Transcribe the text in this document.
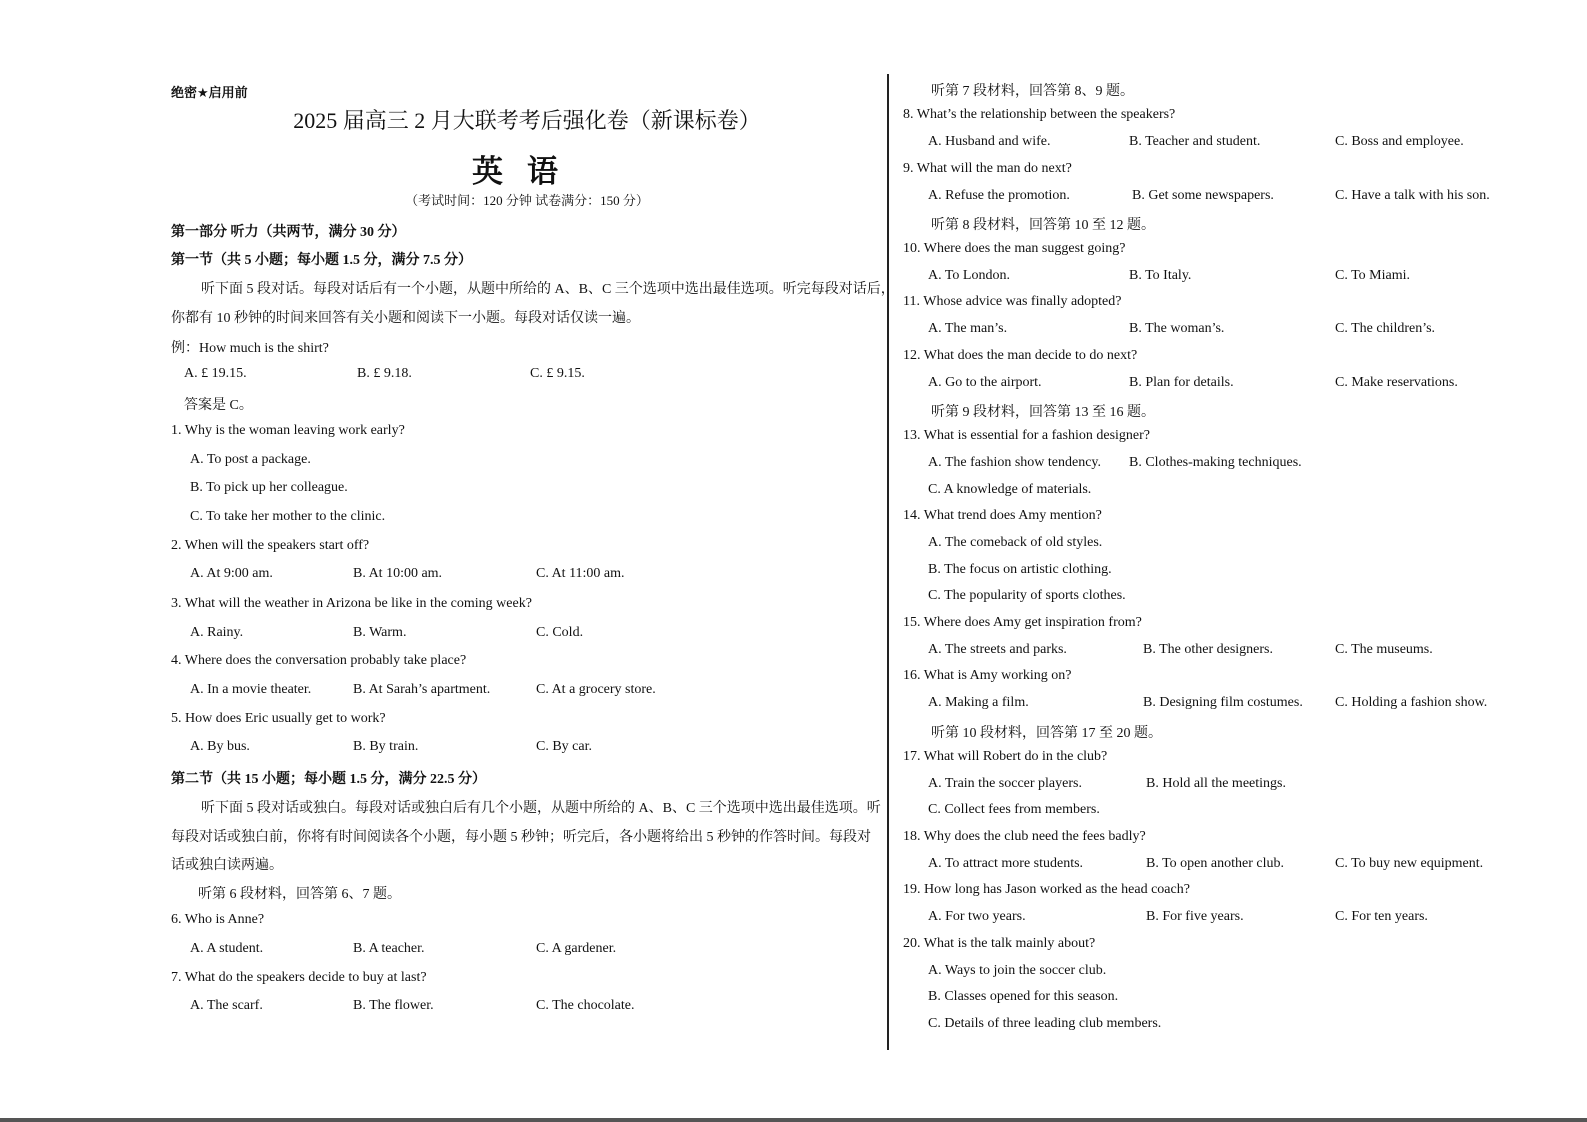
绝密★启用前
2025 届高三 2 月大联考考后强化卷（新课标卷）
英语
（考试时间：120 分钟 试卷满分：150 分）
第一部分 听力（共两节，满分 30 分）
第一节（共 5 小题；每小题 1.5 分，满分 7.5 分）
听下面 5 段对话。每段对话后有一个小题，从题中所给的 A、B、C 三个选项中选出最佳选项。听完每段对话后，
你都有 10 秒钟的时间来回答有关小题和阅读下一小题。每段对话仅读一遍。
例：How much is the shirt?
A. £ 19.15.	B. £ 9.18.	C. £ 9.15.
答案是 C。
1. Why is the woman leaving work early?
A. To post a package.
B. To pick up her colleague.
C. To take her mother to the clinic.
2. When will the speakers start off?
A. At 9:00 am.	B. At 10:00 am.	C. At 11:00 am.
3. What will the weather in Arizona be like in the coming week?
A. Rainy.	B. Warm.	C. Cold.
4. Where does the conversation probably take place?
A. In a movie theater.	B. At Sarah’s apartment.	C. At a grocery store.
5. How does Eric usually get to work?
A. By bus.	B. By train.	C. By car.
第二节（共 15 小题；每小题 1.5 分，满分 22.5 分）
听下面 5 段对话或独白。每段对话或独白后有几个小题，从题中所给的 A、B、C 三个选项中选出最佳选项。听
每段对话或独白前，你将有时间阅读各个小题，每小题 5 秒钟；听完后，各小题将给出 5 秒钟的作答时间。每段对
话或独白读两遍。
听第 6 段材料，回答第 6、7 题。
6. Who is Anne?
A. A student.	B. A teacher.	C. A gardener.
7. What do the speakers decide to buy at last?
A. The scarf.	B. The flower.	C. The chocolate.
听第 7 段材料，回答第 8、9 题。
8. What’s the relationship between the speakers?
A. Husband and wife.	B. Teacher and student.	C. Boss and employee.
9. What will the man do next?
A. Refuse the promotion.	B. Get some newspapers.	C. Have a talk with his son.
听第 8 段材料，回答第 10 至 12 题。
10. Where does the man suggest going?
A. To London.	B. To Italy.	C. To Miami.
11. Whose advice was finally adopted?
A. The man’s.	B. The woman’s.	C. The children’s.
12. What does the man decide to do next?
A. Go to the airport.	B. Plan for details.	C. Make reservations.
听第 9 段材料，回答第 13 至 16 题。
13. What is essential for a fashion designer?
A. The fashion show tendency. B. Clothes-making techniques.
C. A knowledge of materials.
14. What trend does Amy mention?
A. The comeback of old styles.
B. The focus on artistic clothing.
C. The popularity of sports clothes.
15. Where does Amy get inspiration from?
A. The streets and parks.	B. The other designers.	C. The museums.
16. What is Amy working on?
A. Making a film.	B. Designing film costumes. C. Holding a fashion show.
听第 10 段材料，回答第 17 至 20 题。
17. What will Robert do in the club?
A. Train the soccer players.	B. Hold all the meetings.
C. Collect fees from members.
18. Why does the club need the fees badly?
A. To attract more students.	B. To open another club.	C. To buy new equipment.
19. How long has Jason worked as the head coach?
A. For two years.	B. For five years.	C. For ten years.
20. What is the talk mainly about?
A. Ways to join the soccer club.
B. Classes opened for this season.
C. Details of three leading club members.
